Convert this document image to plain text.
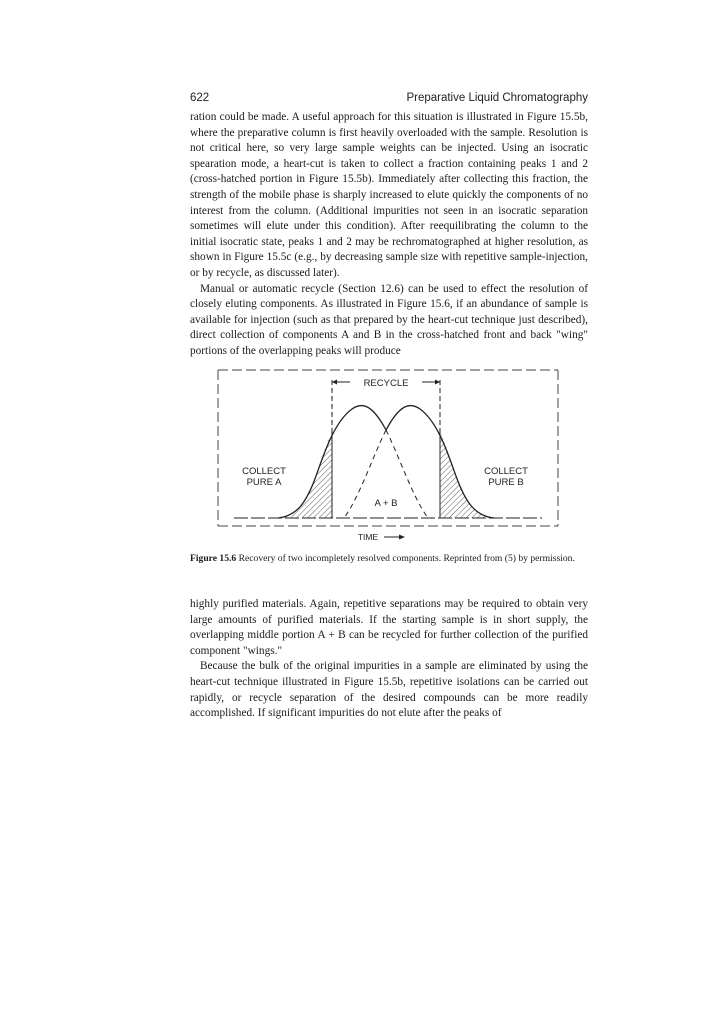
622	Preparative Liquid Chromatography

ration could be made. A useful approach for this situation is illustrated in Figure 15.5b, where the preparative column is first heavily overloaded with the sample. Resolution is not critical here, so very large sample weights can be injected. Using an isocratic spearation mode, a heart-cut is taken to collect a fraction containing peaks 1 and 2 (cross-hatched portion in Figure 15.5b). Immediately after collecting this fraction, the strength of the mobile phase is sharply increased to elute quickly the components of no interest from the column. (Additional impurities not seen in an isocratic separation sometimes will elute under this condition). After reequilibrating the column to the initial isocratic state, peaks 1 and 2 may be rechromatographed at higher resolution, as shown in Figure 15.5c (e.g., by decreasing sample size with repetitive sample-injection, or by recycle, as discussed later).

Manual or automatic recycle (Section 12.6) can be used to effect the resolution of closely eluting components. As illustrated in Figure 15.6, if an abundance of sample is available for injection (such as that prepared by the heart-cut technique just described), direct collection of components A and B in the cross-hatched front and back "wing" portions of the overlapping peaks will produce

RECYCLE
COLLECT
PURE A
COLLECT
PURE B
A + B
TIME

Figure 15.6 Recovery of two incompletely resolved components. Reprinted from (5) by permission.

highly purified materials. Again, repetitive separations may be required to obtain very large amounts of purified materials. If the starting sample is in short supply, the overlapping middle portion A + B can be recycled for further collection of the purified component "wings."

Because the bulk of the original impurities in a sample are eliminated by using the heart-cut technique illustrated in Figure 15.5b, repetitive isolations can be carried out rapidly, or recycle separation of the desired compounds can be more readily accomplished. If significant impurities do not elute after the peaks of
